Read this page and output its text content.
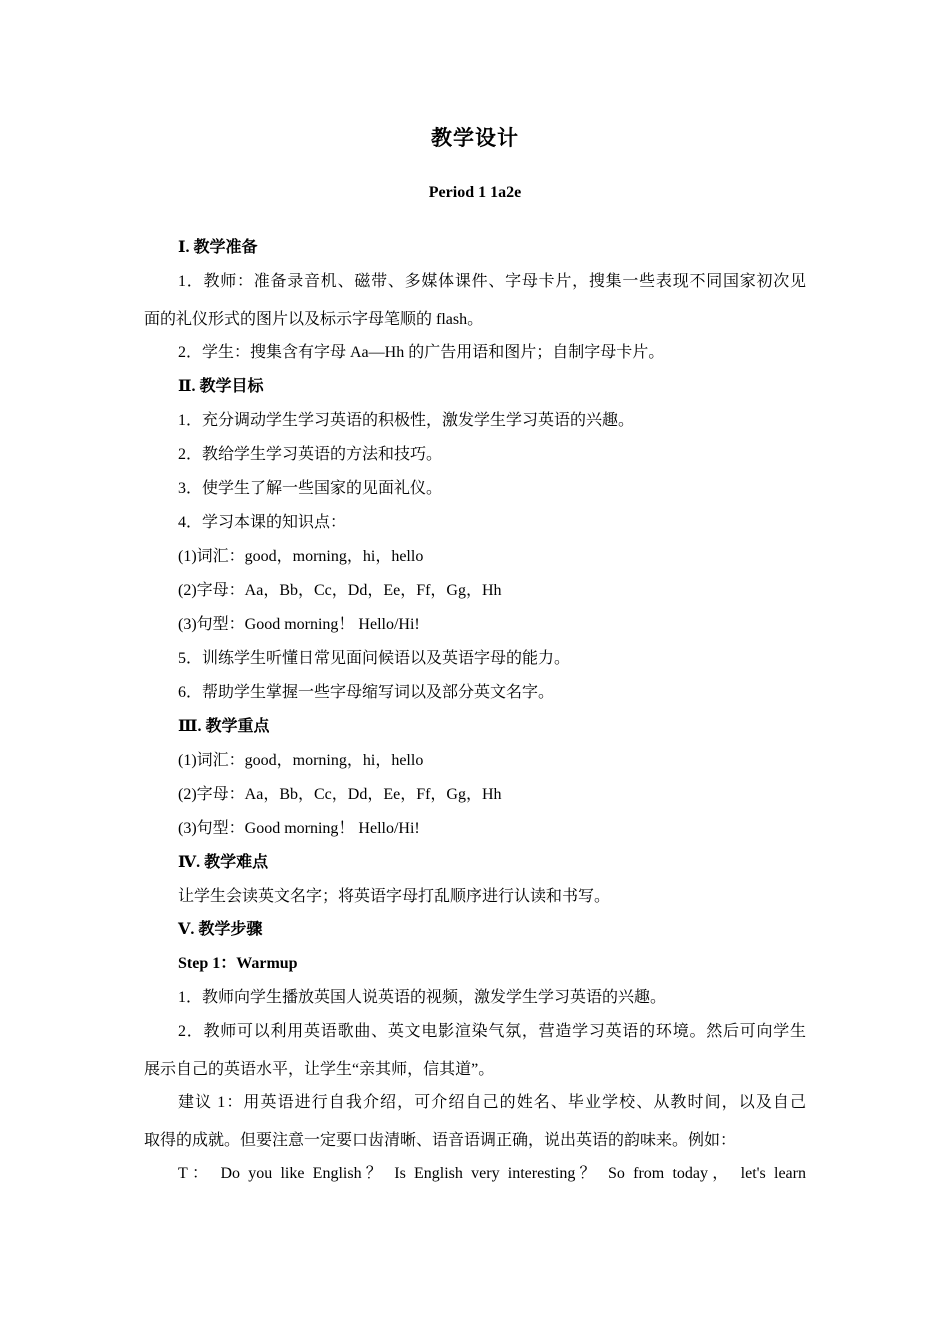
教学设计
Period 1 1a2e
Ⅰ. 教学准备
1．教师：准备录音机、磁带、多媒体课件、字母卡片，搜集一些表现不同国家初次见
面的礼仪形式的图片以及标示字母笔顺的 flash。
2．学生：搜集含有字母 Aa—Hh 的广告用语和图片；自制字母卡片。
Ⅱ. 教学目标
1．充分调动学生学习英语的积极性，激发学生学习英语的兴趣。
2．教给学生学习英语的方法和技巧。
3．使学生了解一些国家的见面礼仪。
4．学习本课的知识点：
(1)词汇：good，morning，hi，hello
(2)字母：Aa，Bb，Cc，Dd，Ee，Ff，Gg，Hh
(3)句型：Good morning！ Hello/Hi!
5．训练学生听懂日常见面问候语以及英语字母的能力。
6．帮助学生掌握一些字母缩写词以及部分英文名字。
Ⅲ. 教学重点
(1)词汇：good，morning，hi，hello
(2)字母：Aa，Bb，Cc，Dd，Ee，Ff，Gg，Hh
(3)句型：Good morning！ Hello/Hi!
Ⅳ. 教学难点
让学生会读英文名字；将英语字母打乱顺序进行认读和书写。
Ⅴ. 教学步骤
Step 1：Warmup
1．教师向学生播放英国人说英语的视频，激发学生学习英语的兴趣。
2．教师可以利用英语歌曲、英文电影渲染气氛，营造学习英语的环境。然后可向学生
展示自己的英语水平，让学生“亲其师，信其道”。
建议 1：用英语进行自我介绍，可介绍自己的姓名、毕业学校、从教时间，以及自己
取得的成就。但要注意一定要口齿清晰、语音语调正确，说出英语的韵味来。例如：
T： Do you like English？ Is English very interesting？ So from today， let's learn
